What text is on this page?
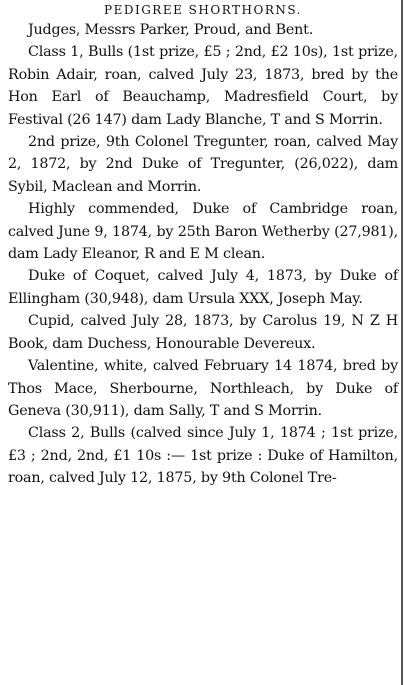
PEDIGREE SHORTHORNS.

Judges, Messrs Parker, Proud, and Bent.

Class 1, Bulls (1st prize, £5 ; 2nd, £2 10s), 1st prize, Robin Adair, roan, calved July 23, 1873, bred by the Hon Earl of Beauchamp, Madresfield Court, by Festival (26 147) dam Lady Blanche, T and S Morrin.

2nd prize, 9th Colonel Tregunter, roan, calved May 2, 1872, by 2nd Duke of Tregunter, (26,022), dam Sybil, Maclean and Morrin.

Highly commended, Duke of Cambridge roan, calved June 9, 1874, by 25th Baron Wetherby (27,981), dam Lady Eleanor, R and E M clean.

Duke of Coquet, calved July 4, 1873, by Duke of Ellingham (30,948), dam Ursula XXX, Joseph May.

Cupid, calved July 28, 1873, by Carolus 19, N Z H Book, dam Duchess, Honourable Devereux.

Valentine, white, calved February 14 1874, bred by Thos Mace, Sherbourne, Northleach, by Duke of Geneva (30,911), dam Sally, T and S Morrin.

Class 2, Bulls (calved since July 1, 1874 ; 1st prize, £3 ; 2nd, 2nd, £1 10s :— 1st prize : Duke of Hamilton, roan, calved July 12, 1875, by 9th Colonel Tre-
